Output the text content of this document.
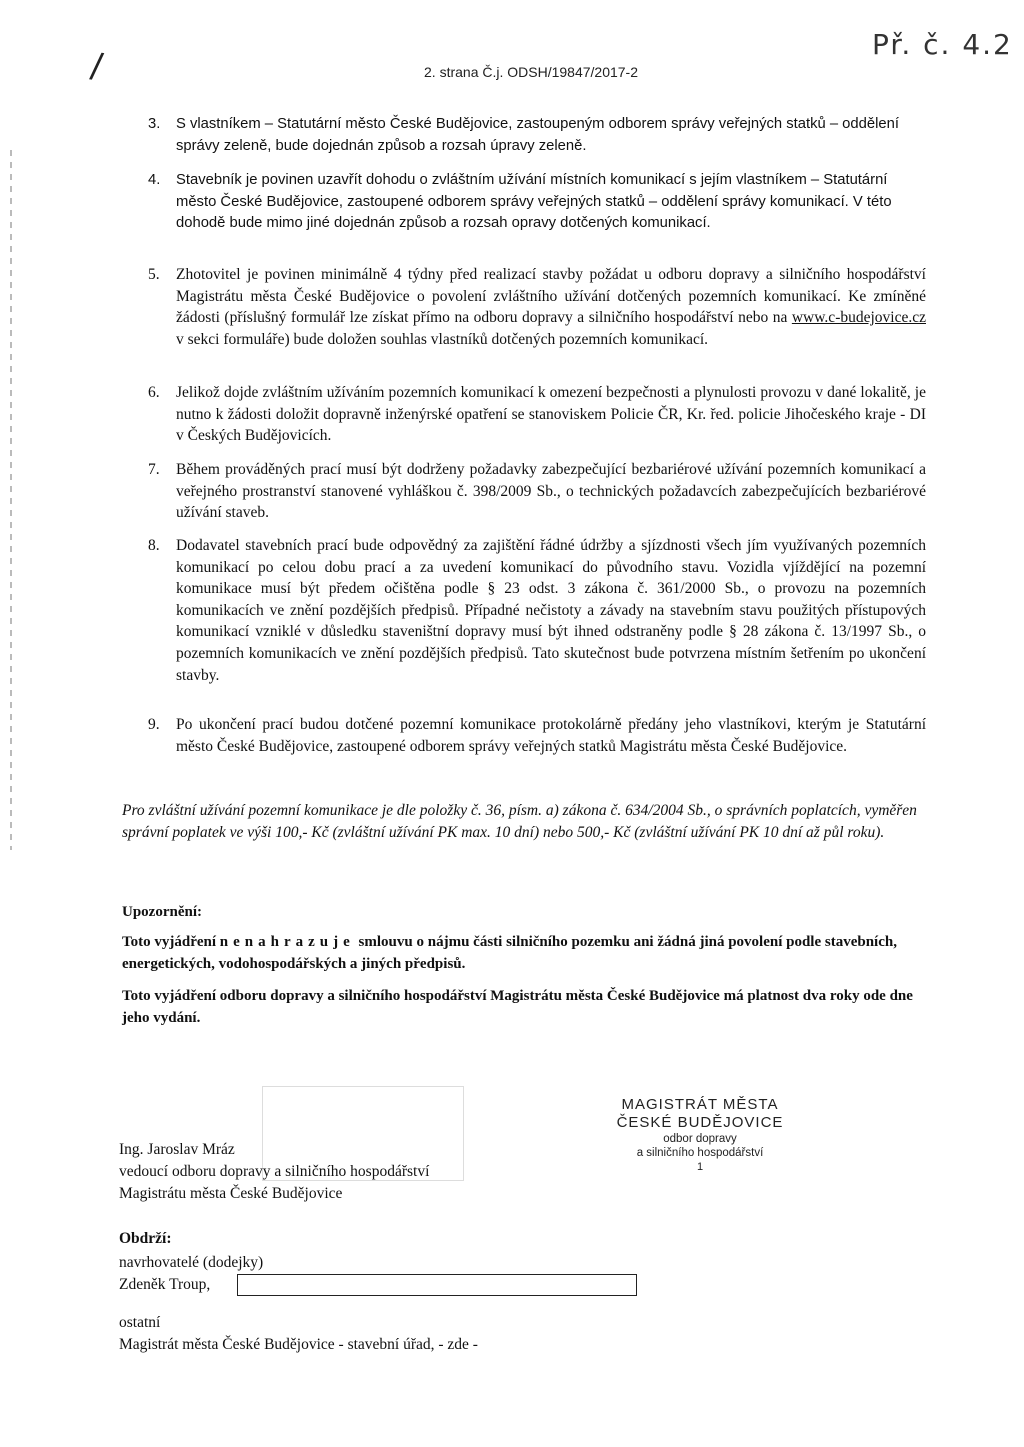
/	2. strana Č.j. ODSH/19847/2017-2
Př. č. 4.2
3.	S vlastníkem – Statutární město České Budějovice, zastoupeným odborem správy veřejných statků – oddělení správy zeleně, bude dojednán způsob a rozsah úpravy zeleně.
4.	Stavebník je povinen uzavřít dohodu o zvláštním užívání místních komunikací s jejím vlastníkem – Statutární město České Budějovice, zastoupené odborem správy veřejných statků – oddělení správy komunikací. V této dohodě bude mimo jiné dojednán způsob a rozsah opravy dotčených komunikací.
5.	Zhotovitel je povinen minimálně 4 týdny před realizací stavby požádat u odboru dopravy a silničního hospodářství Magistrátu města České Budějovice o povolení zvláštního užívání dotčených pozemních komunikací. Ke zmíněné žádosti (příslušný formulář lze získat přímo na odboru dopravy a silničního hospodářství nebo na www.c-budejovice.cz v sekci formuláře) bude doložen souhlas vlastníků dotčených pozemních komunikací.
6.	Jelikož dojde zvláštním užíváním pozemních komunikací k omezení bezpečnosti a plynulosti provozu v dané lokalitě, je nutno k žádosti doložit dopravně inženýrské opatření se stanoviskem Policie ČR, Kr. řed. policie Jihočeského kraje - DI v Českých Budějovicích.
7.	Během prováděných prací musí být dodrženy požadavky zabezpečující bezbariérové užívání pozemních komunikací a veřejného prostranství stanovené vyhláškou č. 398/2009 Sb., o technických požadavcích zabezpečujících bezbariérové užívání staveb.
8.	Dodavatel stavebních prací bude odpovědný za zajištění řádné údržby a sjízdnosti všech jím využívaných pozemních komunikací po celou dobu prací a za uvedení komunikací do původního stavu. Vozidla vjíždějící na pozemní komunikace musí být předem očištěna podle § 23 odst. 3 zákona č. 361/2000 Sb., o provozu na pozemních komunikacích ve znění pozdějších předpisů. Případné nečistoty a závady na stavebním stavu použitých přístupových komunikací vzniklé v důsledku staveništní dopravy musí být ihned odstraněny podle § 28 zákona č. 13/1997 Sb., o pozemních komunikacích ve znění pozdějších předpisů. Tato skutečnost bude potvrzena místním šetřením po ukončení stavby.
9.	Po ukončení prací budou dotčené pozemní komunikace protokolárně předány jeho vlastníkovi, kterým je Statutární město České Budějovice, zastoupené odborem správy veřejných statků Magistrátu města České Budějovice.
Pro zvláštní užívání pozemní komunikace je dle položky č. 36, písm. a) zákona č. 634/2004 Sb., o správních poplatcích, vyměřen správní poplatek ve výši 100,- Kč (zvláštní užívání PK max. 10 dní) nebo 500,- Kč (zvláštní užívání PK 10 dní až půl roku).
Upozornění:
Toto vyjádření nenahrazuje smlouvu o nájmu části silničního pozemku ani žádná jiná povolení podle stavebních, energetických, vodohospodářských a jiných předpisů.
Toto vyjádření odboru dopravy a silničního hospodářství Magistrátu města České Budějovice má platnost dva roky ode dne jeho vydání.
Ing. Jaroslav Mráz
vedoucí odboru dopravy a silničního hospodářství
Magistrátu města České Budějovice
MAGISTRÁT MĚSTA
ČESKÉ BUDĚJOVICE
odbor dopravy
a silničního hospodářství
1
Obdrží:
navrhovatelé (dodejky)
Zdeněk Troup,
ostatní
Magistrát města České Budějovice - stavební úřad, - zde -
